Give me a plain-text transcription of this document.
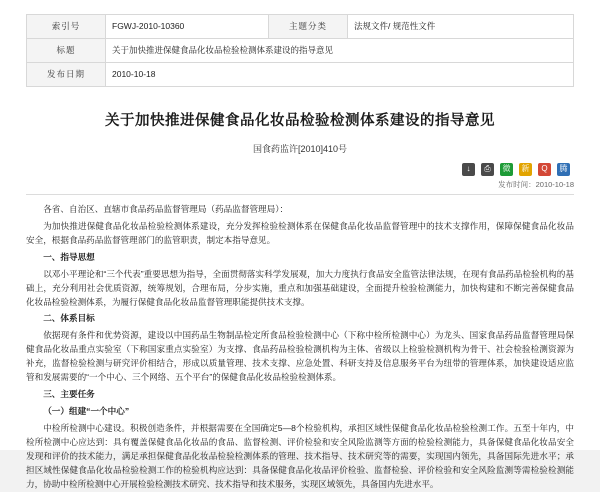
索引号	FGWJ-2010-10360	主题分类	法规文件/ 规范性文件
标题	关于加快推进保健食品化妆品检验检测体系建设的指导意见		
发布日期	2010-10-18		
关于加快推进保健食品化妆品检验检测体系建设的指导意见
国食药监许[2010]410号
↓	⎙	微	新	Q	腾
发布时间： 2010-10-18

各省、自治区、直辖市食品药品监督管理局（药品监督管理局）：

为加快推进保健食品化妆品检验检测体系建设，充分发挥检验检测体系在保健食品化妆品监督管理中的技术支撑作用，保障保健食品化妆品安全，根据食品药品监督管理部门的监管职责，制定本指导意见。

一、指导思想

以邓小平理论和“三个代表”重要思想为指导，全面贯彻落实科学发展观，加大力度执行食品安全监管法律法规，在现有食品药品检验机构的基础上，充分利用社会优质资源，统筹规划，合理布局，分步实施，重点和加强基础建设，全面提升检验检测能力，加快构建和不断完善保健食品化妆品检验检测体系，为履行保健食品化妆品监督管理职能提供技术支撑。

二、体系目标

依据现有条件和优势资源，建设以中国药品生物制品检定所食品检验检测中心（下称中检所检测中心）为龙头、国家食品药品监督管理局保健食品化妆品重点实验室（下称国家重点实验室）为支撑、食品药品检验检测机构为主体、省级以上检验检测机构为骨干、社会检验检测资源为补充，监督检验检测与研究评价相结合，形成以质量管理、技术支撑、应急处置、科研支持及信息服务平台为纽带的管理体系，加快建设适应监管和发展需要的“一个中心、三个网络、五个平台”的保健食品化妆品检验检测体系。

三、主要任务

（一）组建“一个中心”

中检所检测中心建设。积极创造条件，并根据需要在全国确定5—8个检验机构，承担区域性保健食品化妆品检验检测工作。五至十年内，中检所检测中心应达到：具有覆盖保健食品化妆品的食品、监督检测、评价检验和安全风险监测等方面的检验检测能力，具备保健食品化妆品安全发现和评价的技术能力，满足承担保健食品化妆品检验检测体系的管理、技术指导、技术研究等的需要，实现国内领先，具备国际先进水平；承担区域性保健食品化妆品检验检测工作的检验机构应达到：具备保健食品化妆品评价检验、监督检验、评价检验和安全风险监测等需检验检测能力，协助中检所检测中心开展检验检测技术研究、技术指导和技术服务，实现区域领先，具备国内先进水平。
